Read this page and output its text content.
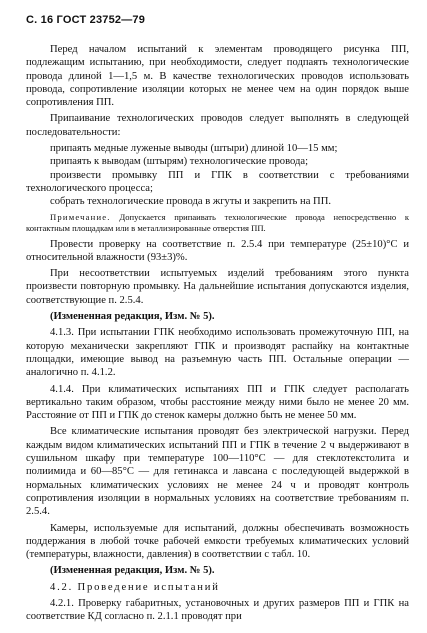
С. 16 ГОСТ 23752—79

Перед началом испытаний к элементам проводящего рисунка ПП, подлежащим испытанию, при необходимости, следует подпаять технологические провода длиной 1—1,5 м. В качестве технологических проводов использовать провода, сопротивление изоляции которых не менее чем на один порядок выше сопротивления ПП.

Припаивание технологических проводов следует выполнять в следующей последовательности:

припаять медные луженые выводы (штыри) длиной 10—15 мм;
припаять к выводам (штырям) технологические провода;
произвести промывку ПП и ГПК в соответствии с требованиями технологического процесса;
собрать технологические провода в жгуты и закрепить на ПП.

Примечание. Допускается припаивать технологические провода непосредственно к контактным площадкам или в металлизированные отверстия ПП.

Провести проверку на соответствие п. 2.5.4 при температуре (25±10)°С и относительной влажности (93±3)%.

При несоответствии испытуемых изделий требованиям этого пункта произвести повторную промывку. На дальнейшие испытания допускаются изделия, соответствующие п. 2.5.4.

(Измененная редакция, Изм. № 5).

4.1.3. При испытании ГПК необходимо использовать промежуточную ПП, на которую механически закрепляют ГПК и производят распайку на контактные площадки, имеющие вывод на разъемную часть ПП. Остальные операции — аналогично п. 4.1.2.

4.1.4. При климатических испытаниях ПП и ГПК следует располагать вертикально таким образом, чтобы расстояние между ними было не менее 20 мм. Расстояние от ПП и ГПК до стенок камеры должно быть не менее 50 мм.

Все климатические испытания проводят без электрической нагрузки. Перед каждым видом климатических испытаний ПП и ГПК в течение 2 ч выдерживают в сушильном шкафу при температуре 100—110°С — для стеклотекстолита и полиимида и 60—85°С — для гетинакса и лавсана с последующей выдержкой в нормальных климатических условиях не менее 24 ч и проводят контроль сопротивления изоляции в нормальных условиях на соответствие требованиям п. 2.5.4.

Камеры, используемые для испытаний, должны обеспечивать возможность поддержания в любой точке рабочей емкости требуемых климатических условий (температуры, влажности, давления) в соответствии с табл. 10.

(Измененная редакция, Изм. № 5).

4.2. Проведение испытаний

4.2.1. Проверку габаритных, установочных и других размеров ПП и ГПК на соответствие КД согласно п. 2.1.1 проводят при
